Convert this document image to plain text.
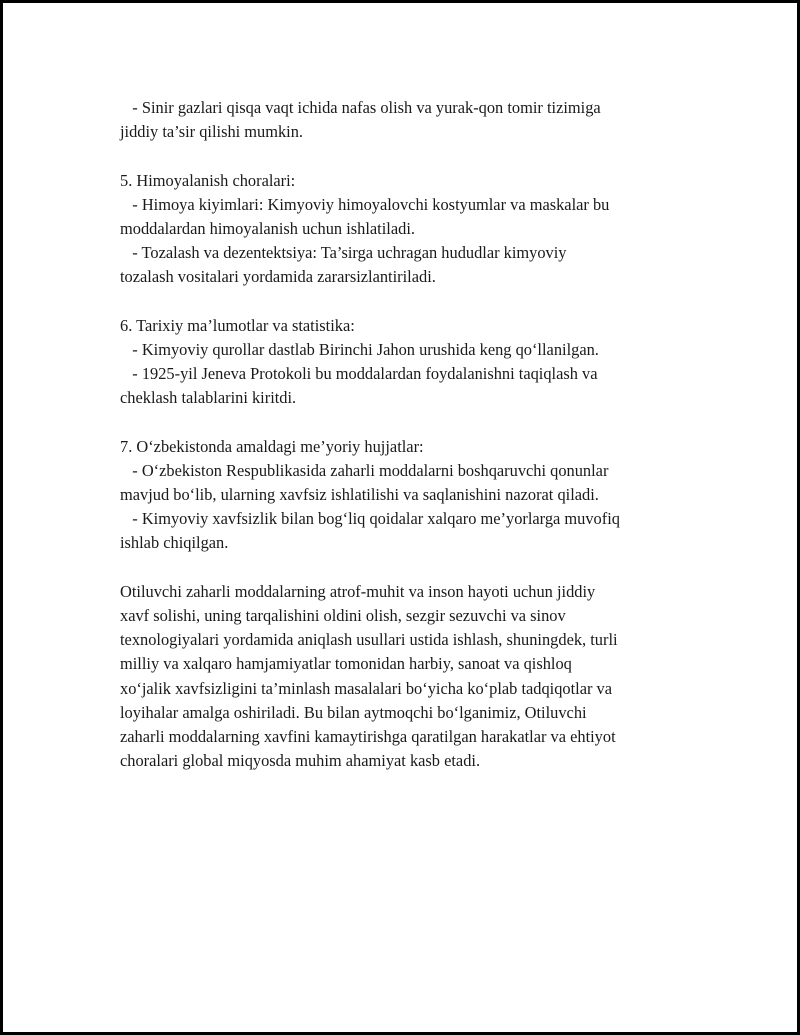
- Sinir gazlari qisqa vaqt ichida nafas olish va yurak-qon tomir tizimiga
jiddiy ta’sir qilishi mumkin.
5. Himoyalanish choralari:
- Himoya kiyimlari: Kimyoviy himoyalovchi kostyumlar va maskalar bu
moddalardan himoyalanish uchun ishlatiladi.
- Tozalash va dezentektsiya: Ta’sirga uchragan hududlar kimyoviy
tozalash vositalari yordamida zararsizlantiriladi.
6. Tarixiy ma’lumotlar va statistika:
- Kimyoviy qurollar dastlab Birinchi Jahon urushida keng qo‘llanilgan.
- 1925-yil Jeneva Protokoli bu moddalardan foydalanishni taqiqlash va
cheklash talablarini kiritdi.
7. O‘zbekistonda amaldagi me’yoriy hujjatlar:
- O‘zbekiston Respublikasida zaharli moddalarni boshqaruvchi qonunlar
mavjud bo‘lib, ularning xavfsiz ishlatilishi va saqlanishini nazorat qiladi.
- Kimyoviy xavfsizlik bilan bog‘liq qoidalar xalqaro me’yorlarga muvofiq
ishlab chiqilgan.
Otiluvchi zaharli moddalarning atrof-muhit va inson hayoti uchun jiddiy
xavf solishi, uning tarqalishini oldini olish, sezgir sezuvchi va sinov
texnologiyalari yordamida aniqlash usullari ustida ishlash, shuningdek, turli
milliy va xalqaro hamjamiyatlar tomonidan harbiy, sanoat va qishloq
xo‘jalik xavfsizligini ta’minlash masalalari bo‘yicha ko‘plab tadqiqotlar va
loyihalar amalga oshiriladi. Bu bilan aytmoqchi bo‘lganimiz, Otiluvchi
zaharli moddalarning xavfini kamaytirishga qaratilgan harakatlar va ehtiyot
choralari global miqyosda muhim ahamiyat kasb etadi.
